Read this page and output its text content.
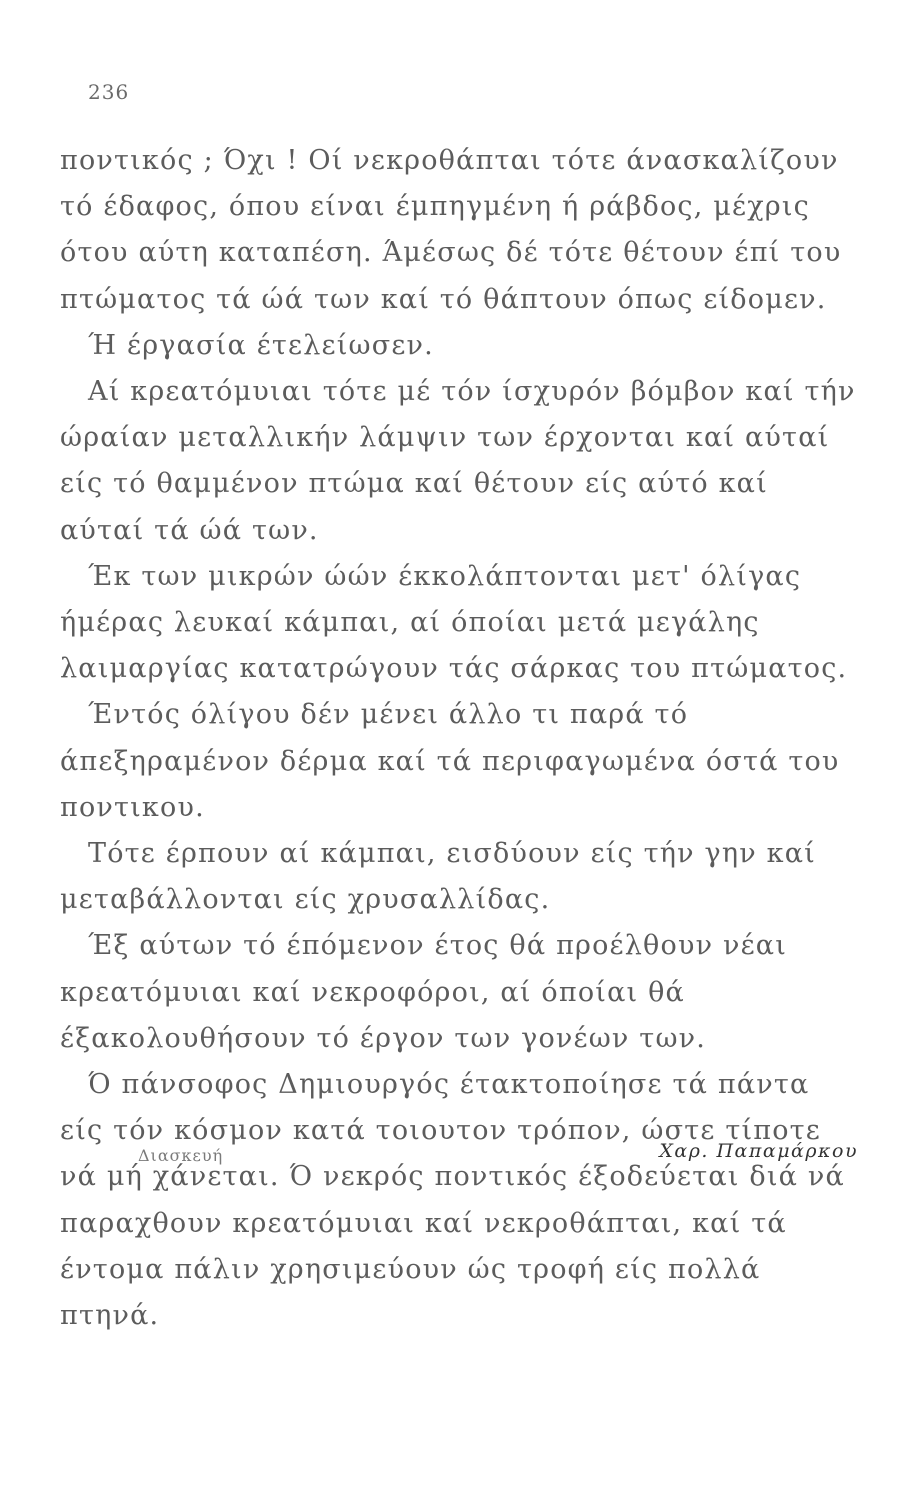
236

ποντικός ; Όχι ! Οί νεκροθάπται τότε άνασκαλίζουν τό έδαφος, όπου είναι έμπηγμένη ή ράβδος, μέχρις ότου αύτη καταπέση. Άμέσως δέ τότε θέτουν έπί του πτώματος τά ώά των καί τό θάπτουν όπως είδομεν.

Ή έργασία έτελείωσεν.

Αί κρεατόμυιαι τότε μέ τόν ίσχυρόν βόμβον καί τήν ώραίαν μεταλλικήν λάμψιν των έρχονται καί αύταί είς τό θαμμένον πτώμα καί θέτουν είς αύτό καί αύταί τά ώά των.

Έκ των μικρών ώών έκκολάπτονται μετ' όλίγας ήμέρας λευκαί κάμπαι, αί όποίαι μετά μεγάλης λαιμαργίας κατατρώγουν τάς σάρκας του πτώματος.

Έντός όλίγου δέν μένει άλλο τι παρά τό άπεξηραμένον δέρμα καί τά περιφαγωμένα όστά του ποντικου.

Τότε έρπουν αί κάμπαι, εισδύουν είς τήν γην καί μεταβάλλονται είς χρυσαλλίδας.

Έξ αύτων τό έπόμενον έτος θά προέλθουν νέαι κρεατόμυιαι καί νεκροφόροι, αί όποίαι θά έξακολουθήσουν τό έργον των γονέων των.

Ό πάνσοφος Δημιουργός έτακτοποίησε τά πάντα είς τόν κόσμον κατά τοιουτον τρόπον, ώστε τίποτε νά μή χάνεται. Ό νεκρός ποντικός έξοδεύεται διά νά παραχθουν κρεατόμυιαι καί νεκροθάπται, καί τά έντομα πάλιν χρησιμεύουν ώς τροφή είς πολλά πτηνά.

Διασκευή	Χαρ. Παπαμάρκου
